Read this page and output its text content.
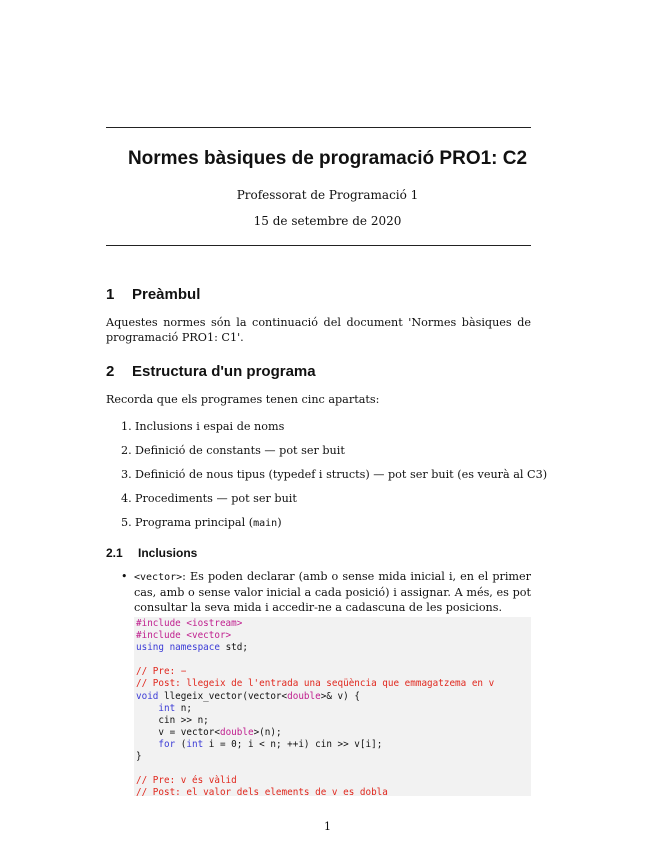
Normes bàsiques de programació PRO1: C2
Professorat de Programació 1
15 de setembre de 2020
1 Preàmbul
Aquestes normes són la continuació del document 'Normes bàsiques de programació PRO1: C1'.
2 Estructura d'un programa
Recorda que els programes tenen cinc apartats:
1. Inclusions i espai de noms
2. Definició de constants — pot ser buit
3. Definició de nous tipus (typedef i structs) — pot ser buit (es veurà al C3)
4. Procediments — pot ser buit
5. Programa principal (main)
2.1 Inclusions
• <vector>: Es poden declarar (amb o sense mida inicial i, en el primer cas, amb o sense valor inicial a cada posició) i assignar. A més, es pot consultar la seva mida i accedir-ne a cadascuna de les posicions.
#include <iostream>
#include <vector>
using namespace std;

// Pre: −
// Post: llegeix de l'entrada una seqüència que emmagatzema en v
void llegeix_vector(vector<double>& v) {
int n;
cin >> n;
v = vector<double>(n);
for (int i = 0; i < n; ++i) cin >> v[i];
}

// Pre: v és vàlid
// Post: el valor dels elements de v es dobla
1
